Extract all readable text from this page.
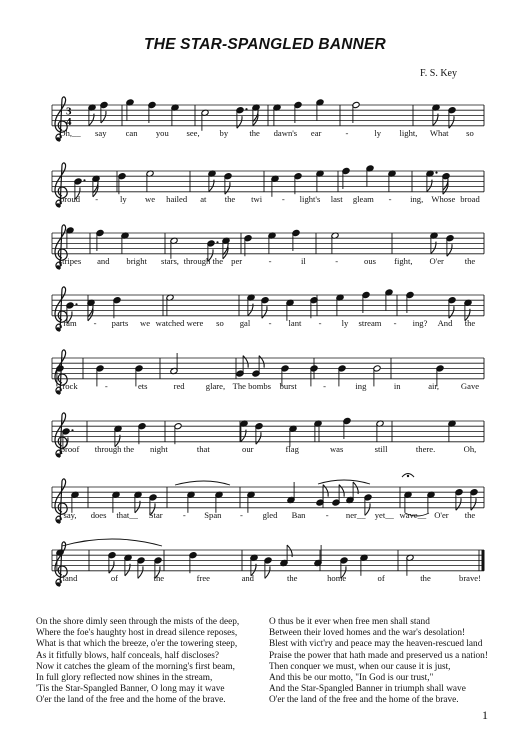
THE STAR-SPANGLED BANNER
F. S. Key
3
4
Oh,__ say can you see, by the dawn's ear	-	ly light, What so
proud -	ly we hailed at the twi - light's last gleam - ing, Whose broad
stripes and bright stars, through the per	-	il	-	ous fight, O'er the
ram - parts we watched were so gal - lant - ly stream - ing? And the
rock	-	ets	red glare, The bombs burst	-	ing	in	air,	Gave
proof through the night	that	our	flag	was	still	there.	Oh,
say, does that__ Star - Span - gled Ban - ner__ yet__ wave__ O'er the
land	of	the	free	and	the	home	of	the	brave!
On the shore dimly seen through the mists of the deep,
Where the foe's haughty host in dread silence reposes,
What is that which the breeze, o'er the towering steep,
As it fitfully blows, half conceals, half discloses?
Now it catches the gleam of the morning's first beam,
In full glory reflected now shines in the stream,
'Tis the Star-Spangled Banner, O long may it wave
O'er the land of the free and the home of the brave.
O thus be it ever when free men shall stand
Between their loved homes and the war's desolation!
Blest with vict'ry and peace may the heaven-rescued land
Praise the power that hath made and preserved us a nation!
Then conquer we must, when our cause it is just,
And this be our motto, "In God is our trust,"
And the Star-Spangled Banner in triumph shall wave
O'er the land of the free and the home of the brave.
1
